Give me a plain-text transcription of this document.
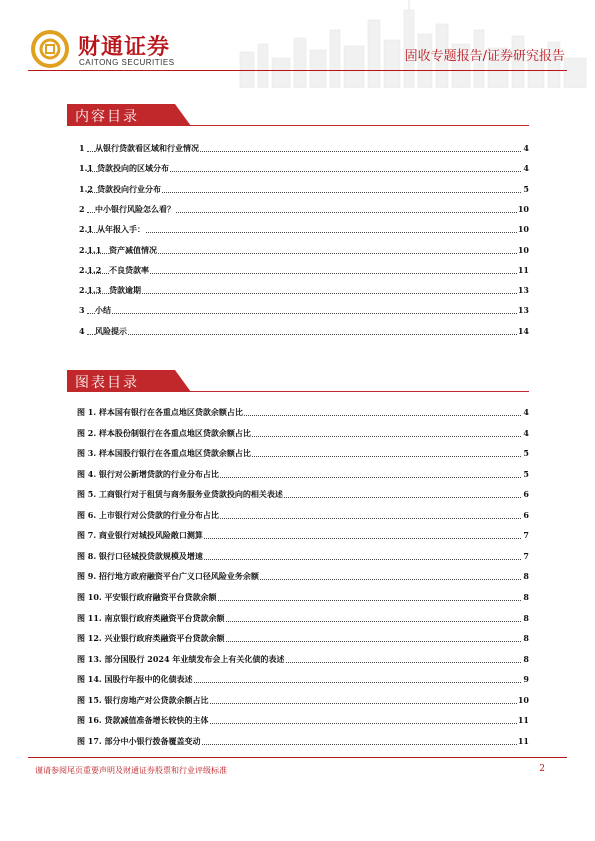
财通证券
CAITONG SECURITIES	固收专题报告/证券研究报告
内容目录
1 从银行贷款看区域和行业情况	4
1.1 贷款投向的区域分布	4
1.2 贷款投向行业分布	5
2 中小银行风险怎么看？	10
2.1 从年报入手：	10
2.1.1 资产减值情况	10
2.1.2 不良贷款率	11
2.1.3 贷款逾期	13
3 小结	13
4 风险提示	14
图表目录
图 1. 样本国有银行在各重点地区贷款余额占比	4
图 2. 样本股份制银行在各重点地区贷款余额占比	4
图 3. 样本国股行银行在各重点地区贷款余额占比	5
图 4. 银行对公新增贷款的行业分布占比	5
图 5. 工商银行对于租赁与商务服务业贷款投向的相关表述	6
图 6. 上市银行对公贷款的行业分布占比	6
图 7. 商业银行对城投风险敞口测算	7
图 8. 银行口径城投贷款规模及增速	7
图 9. 招行地方政府融资平台广义口径风险业务余额	8
图 10. 平安银行政府融资平台贷款余额	8
图 11. 南京银行政府类融资平台贷款余额	8
图 12. 兴业银行政府类融资平台贷款余额	8
图 13. 部分国股行 2024 年业绩发布会上有关化债的表述	8
图 14. 国股行年报中的化债表述	9
图 15. 银行房地产对公贷款余额占比	10
图 16. 贷款减值准备增长较快的主体	11
图 17. 部分中小银行拨备覆盖变动	11
谨请参阅尾页重要声明及财通证券股票和行业评级标准	2
